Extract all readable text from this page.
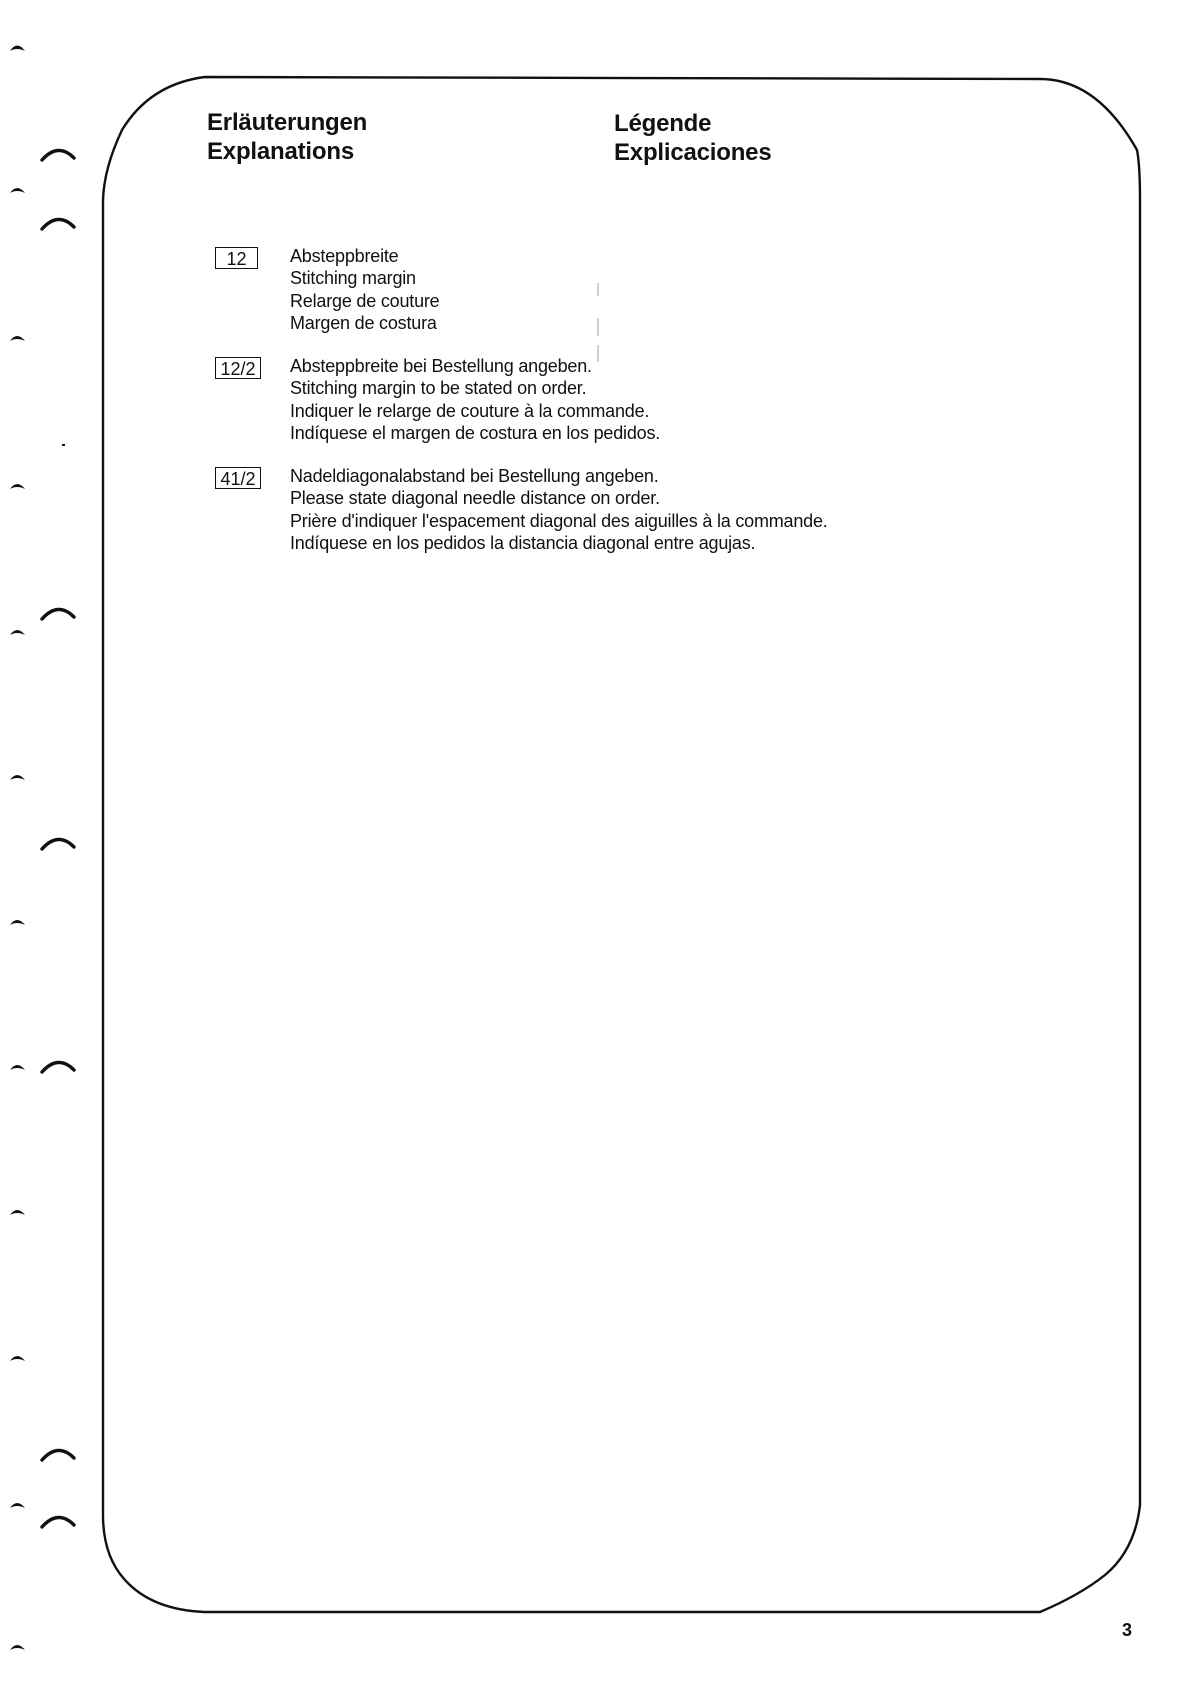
Erläuterungen
Explanations
Légende
Explicaciones
12	Absteppbreite
Stitching margin
Relarge de couture
Margen de costura
12/2	Absteppbreite bei Bestellung angeben.
Stitching margin to be stated on order.
Indiquer le relarge de couture à la commande.
Indíquese el margen de costura en los pedidos.
41/2	Nadeldiagonalabstand bei Bestellung angeben.
Please state diagonal needle distance on order.
Prière d'indiquer l'espacement diagonal des aiguilles à la commande.
Indíquese en los pedidos la distancia diagonal entre agujas.
3
